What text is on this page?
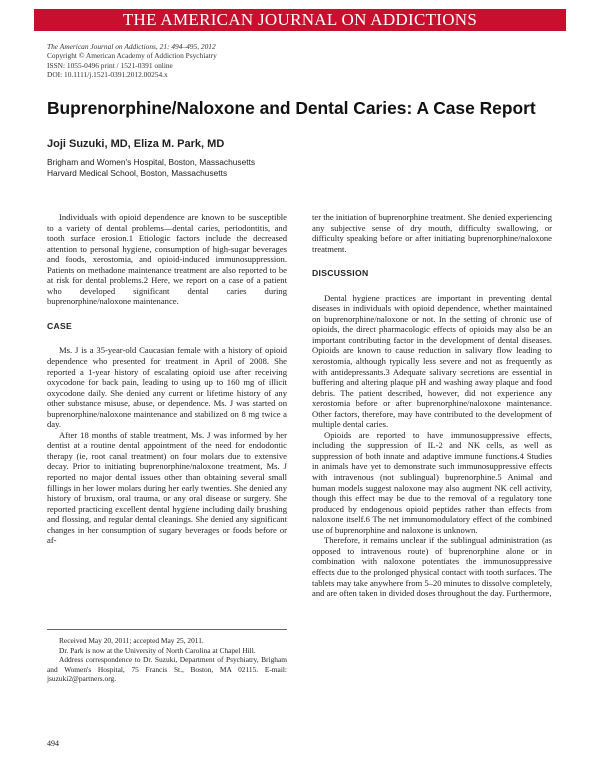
THE AMERICAN JOURNAL ON ADDICTIONS
The American Journal on Addictions, 21: 494–495, 2012
Copyright © American Academy of Addiction Psychiatry
ISSN: 1055-0496 print / 1521-0391 online
DOI: 10.1111/j.1521-0391.2012.00254.x
Buprenorphine/Naloxone and Dental Caries: A Case Report
Joji Suzuki, MD, Eliza M. Park, MD
Brigham and Women's Hospital, Boston, Massachusetts
Harvard Medical School, Boston, Massachusetts

Individuals with opioid dependence are known to be susceptible to a variety of dental problems—dental caries, periodontitis, and tooth surface erosion.1 Etiologic factors include the decreased attention to personal hygiene, consumption of high-sugar beverages and foods, xerostomia, and opioid-induced immunosuppression. Patients on methadone maintenance treatment are also reported to be at risk for dental problems.2 Here, we report on a case of a patient who developed significant dental caries during buprenorphine/naloxone maintenance.

CASE

Ms. J is a 35-year-old Caucasian female with a history of opioid dependence who presented for treatment in April of 2008. She reported a 1-year history of escalating opioid use after receiving oxycodone for back pain, leading to using up to 160 mg of illicit oxycodone daily. She denied any current or lifetime history of any other substance misuse, abuse, or dependence. Ms. J was started on buprenorphine/naloxone maintenance and stabilized on 8 mg twice a day.

After 18 months of stable treatment, Ms. J was informed by her dentist at a routine dental appointment of the need for endodontic therapy (ie, root canal treatment) on four molars due to extensive decay. Prior to initiating buprenorphine/naloxone treatment, Ms. J reported no major dental issues other than obtaining several small fillings in her lower molars during her early twenties. She denied any history of bruxism, oral trauma, or any oral disease or surgery. She reported practicing excellent dental hygiene including daily brushing and flossing, and regular dental cleanings. She denied any significant changes in her consumption of sugary beverages or foods before or af-

Received May 20, 2011; accepted May 25, 2011.

Dr. Park is now at the University of North Carolina at Chapel Hill.

Address correspondence to Dr. Suzuki, Department of Psychiatry, Brigham and Women's Hospital, 75 Francis St., Boston, MA 02115. E-mail: jsuzuki2@partners.org.

494

ter the initiation of buprenorphine treatment. She denied experiencing any subjective sense of dry mouth, difficulty swallowing, or difficulty speaking before or after initiating buprenorphine/naloxone treatment.

DISCUSSION

Dental hygiene practices are important in preventing dental diseases in individuals with opioid dependence, whether maintained on buprenorphine/naloxone or not. In the setting of chronic use of opioids, the direct pharmacologic effects of opioids may also be an important contributing factor in the development of dental diseases. Opioids are known to cause reduction in salivary flow leading to xerostomia, although typically less severe and not as frequently as with antidepressants.3 Adequate salivary secretions are essential in buffering and altering plaque pH and washing away plaque and food debris. The patient described, however, did not experience any xerostomia before or after buprenorphine/naloxone maintenance. Other factors, therefore, may have contributed to the development of multiple dental caries.

Opioids are reported to have immunosuppressive effects, including the suppression of IL-2 and NK cells, as well as suppression of both innate and adaptive immune functions.4 Studies in animals have yet to demonstrate such immunosuppressive effects with intravenous (not sublingual) buprenorphine.5 Animal and human models suggest naloxone may also augment NK cell activity, though this effect may be due to the removal of a regulatory tone produced by endogenous opioid peptides rather than effects from naloxone itself.6 The net immunomodulatory effect of the combined use of buprenorphine and naloxone is unknown.

Therefore, it remains unclear if the sublingual administration (as opposed to intravenous route) of buprenorphine alone or in combination with naloxone potentiates the immunosuppressive effects due to the prolonged physical contact with tooth surfaces. The tablets may take anywhere from 5–20 minutes to dissolve completely, and are often taken in divided doses throughout the day. Furthermore,
